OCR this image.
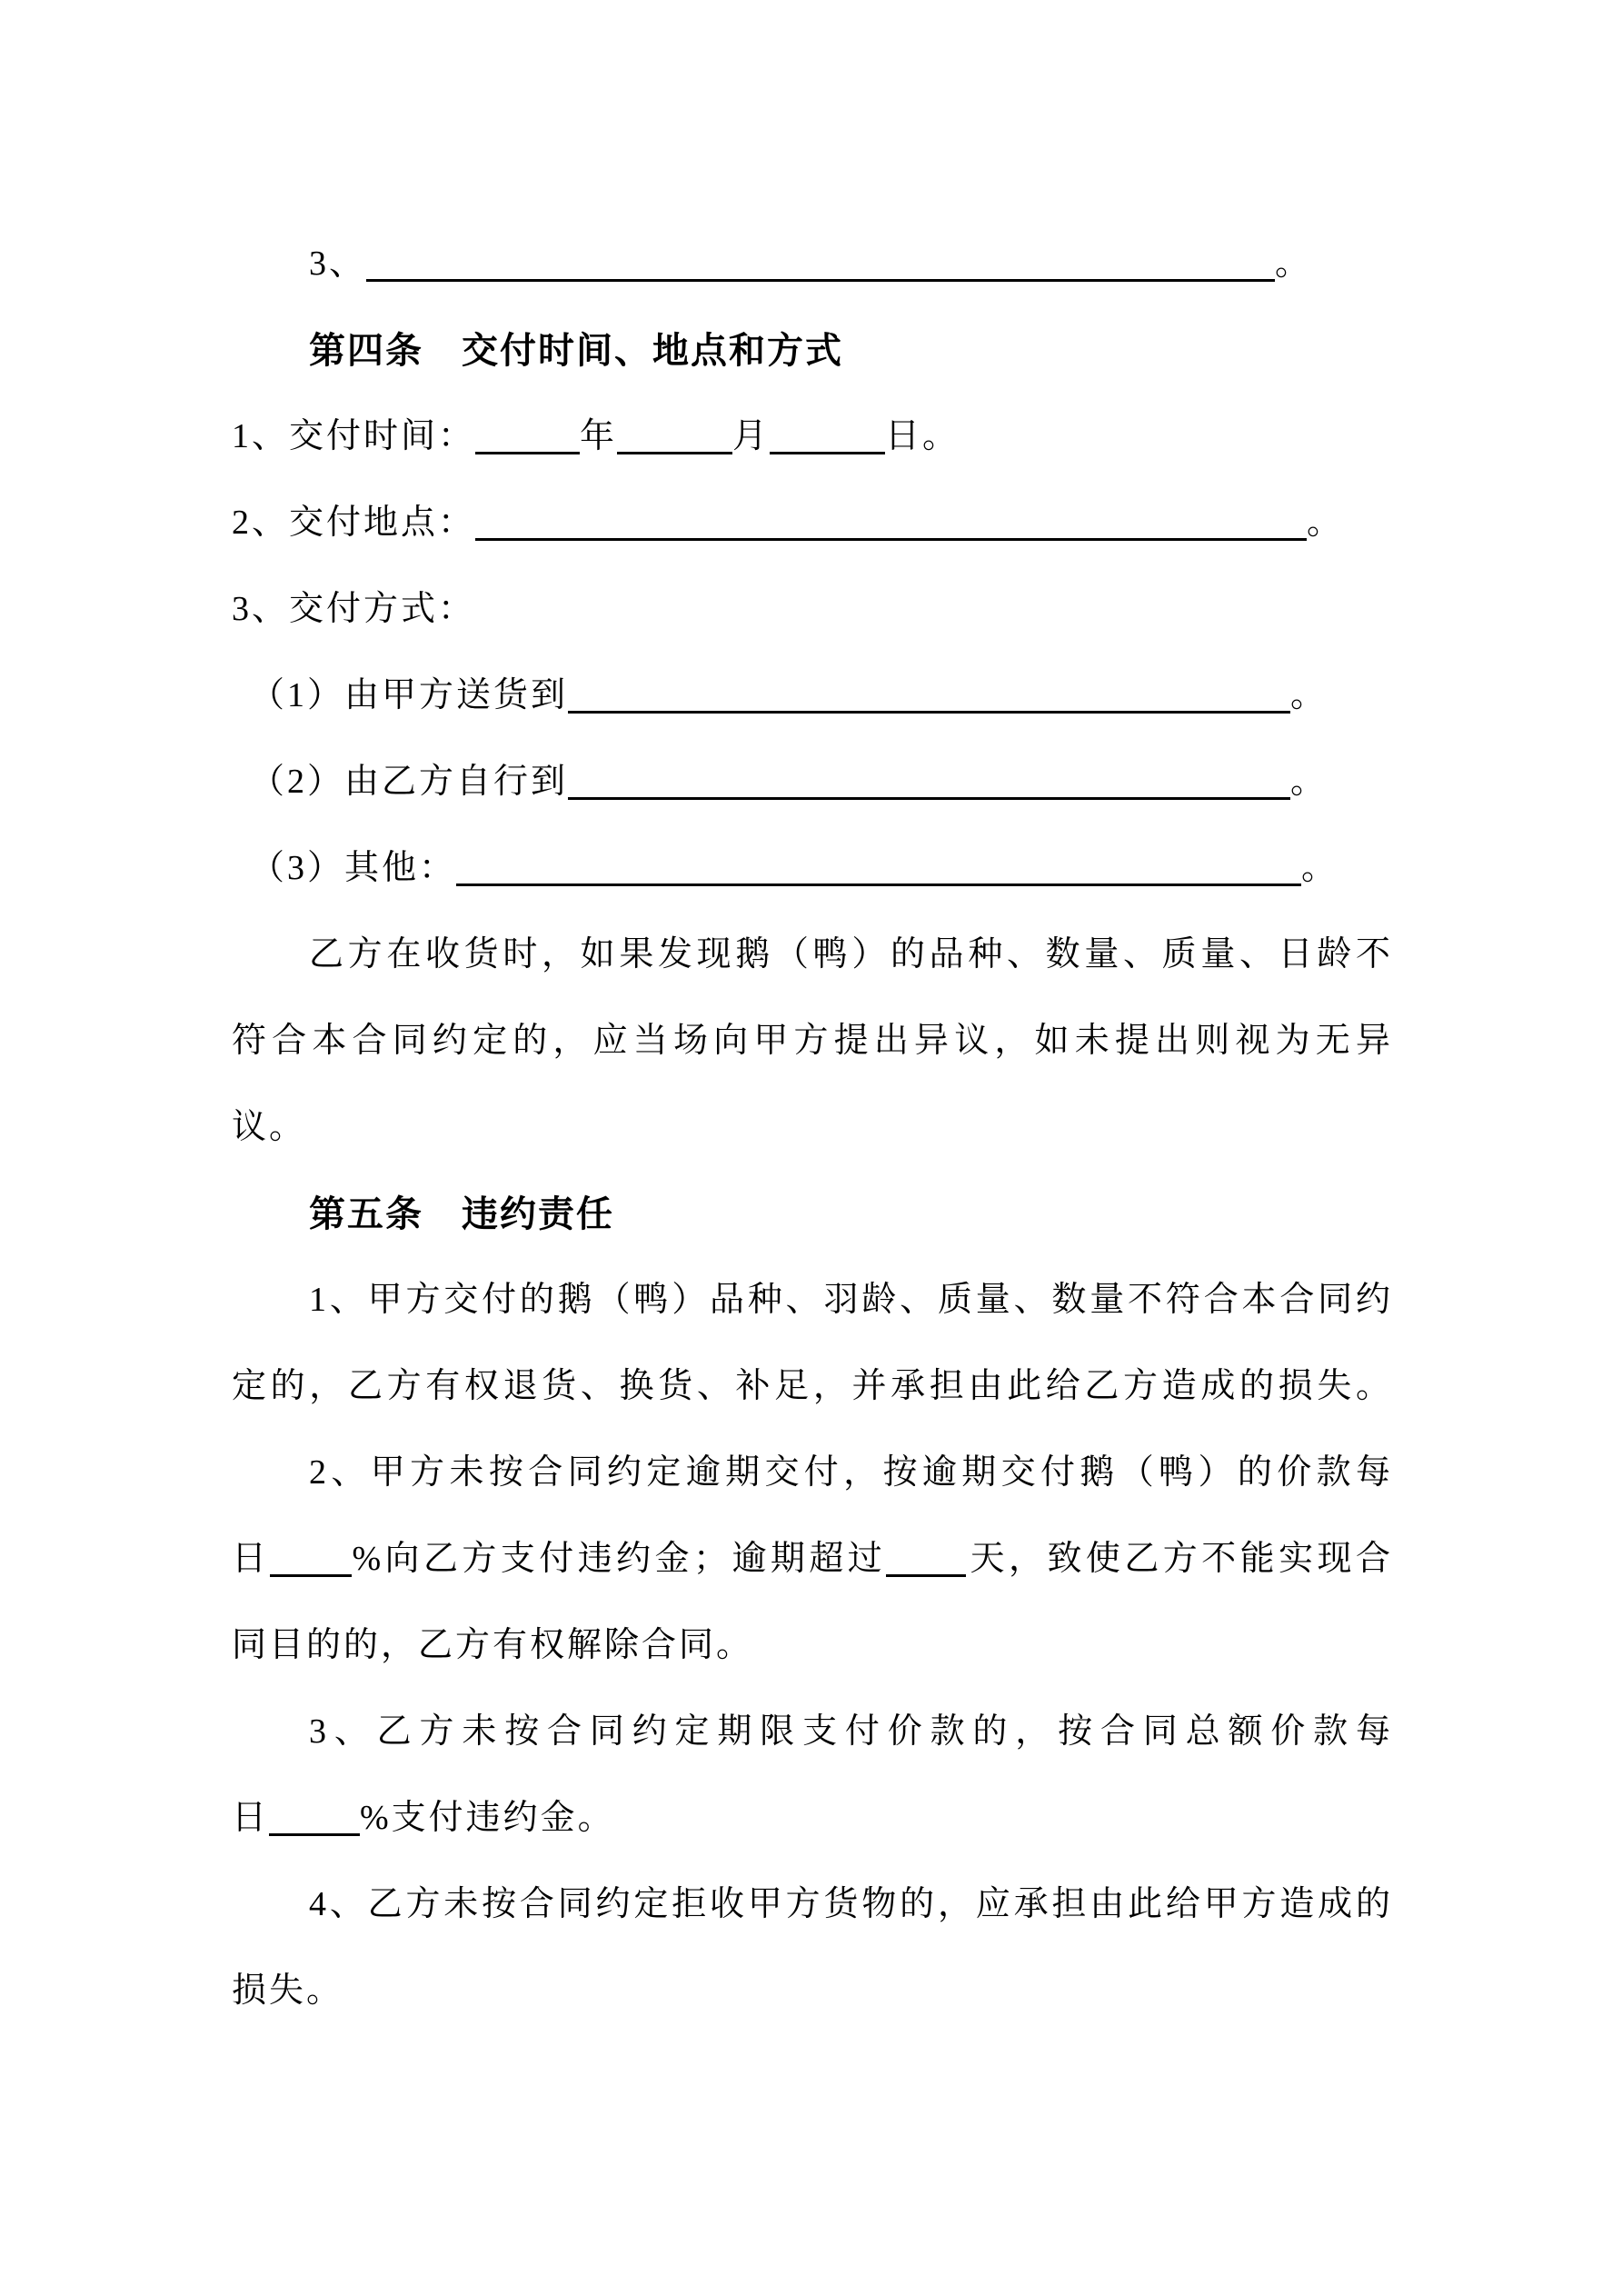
3、	。
第四条　交付时间、地点和方式
1、交付时间：	年	月	日。
2、交付地点：	。
3、交付方式：
（1）由甲方送货到	。
（2）由乙方自行到	。
（3）其他：	。
乙方在收货时，如果发现鹅（鸭）的品种、数量、质量、日龄不
符合本合同约定的，应当场向甲方提出异议，如未提出则视为无异
议。
第五条　违约责任
1、甲方交付的鹅（鸭）品种、羽龄、质量、数量不符合本合同约
定的，乙方有权退货、换货、补足，并承担由此给乙方造成的损失。
2、甲方未按合同约定逾期交付，按逾期交付鹅（鸭）的价款每
日 %向乙方支付违约金；逾期超过 天，致使乙方不能实现合
同目的的，乙方有权解除合同。
3、乙方未按合同约定期限支付价款的，按合同总额价款每
日	%支付违约金。
4、乙方未按合同约定拒收甲方货物的，应承担由此给甲方造成的
损失。
